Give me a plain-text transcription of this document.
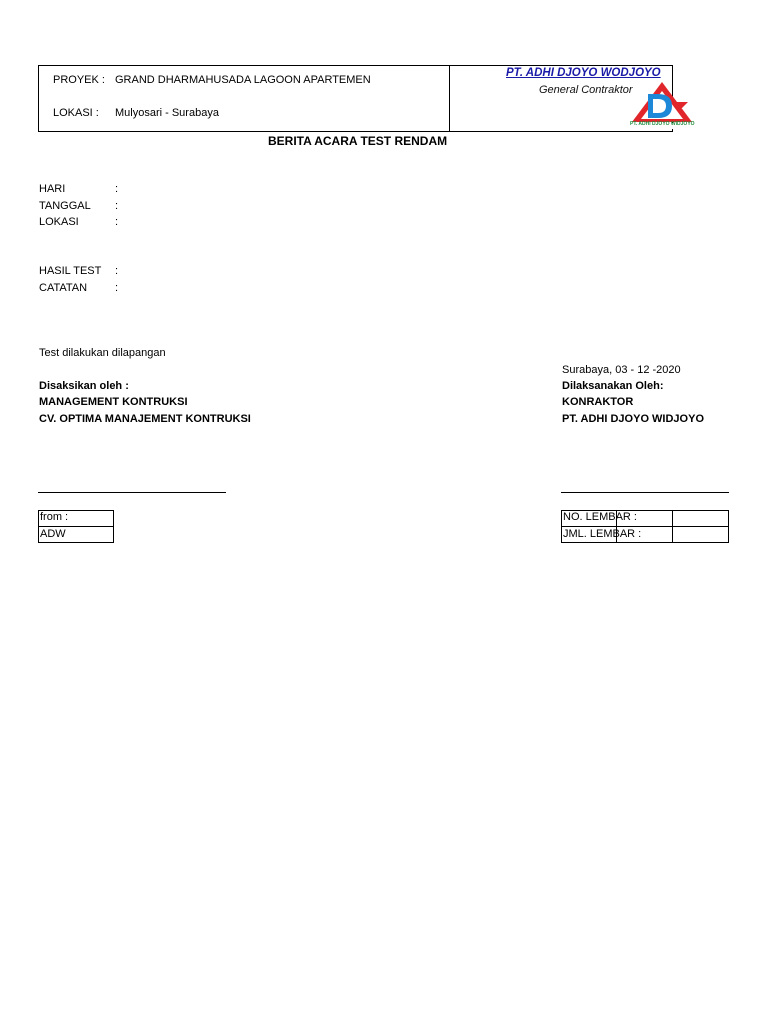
PROYEK : GRAND DHARMAHUSADA LAGOON APARTEMEN
LOKASI : Mulyosari - Surabaya
PT. ADHI DJOYO WODJOYO
General Contraktor
PT. ADHI DJOYO WIDJOYO
BERITA ACARA TEST RENDAM
HARI	:
TANGGAL :
LOKASI	:
HASIL TEST :
CATATAN	:
Test dilakukan dilapangan
Surabaya, 03 - 12 -2020
Disaksikan oleh :
MANAGEMENT KONTRUKSI
CV. OPTIMA MANAJEMENT KONTRUKSI
Dilaksanakan Oleh:
KONRAKTOR
PT. ADHI DJOYO WIDJOYO
from :
ADW
NO. LEMBAR :
JML. LEMBAR :
